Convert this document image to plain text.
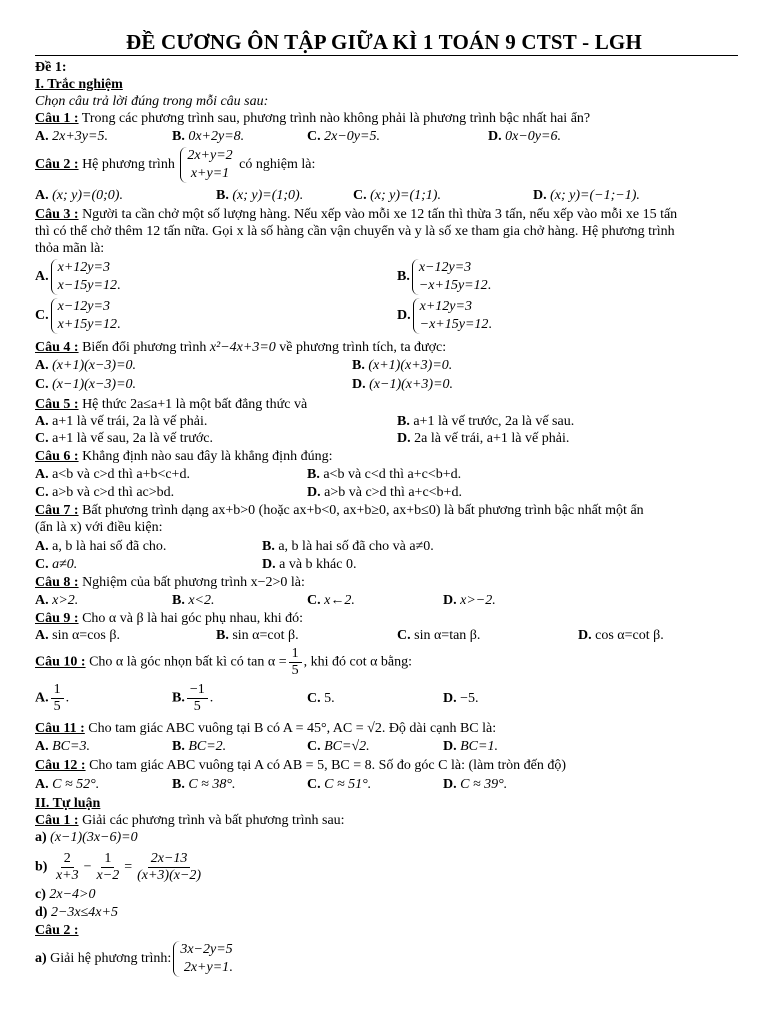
ĐỀ CƯƠNG ÔN TẬP GIỮA KÌ 1 TOÁN 9 CTST - LGH
Đề 1:
I. Trắc nghiệm
Chọn câu trả lời đúng trong mỗi câu sau:
Câu 1 : Trong các phương trình sau, phương trình nào không phải là phương trình bậc nhất hai ẩn?
A. 2x+3y=5.	B. 0x+2y=8.	C. 2x−0y=5.	D. 0x−0y=6.
Câu 2 : Hệ phương trình 2x+y=2
x+y=1 có nghiệm là:
A. (x; y)=(0;0).	B. (x; y)=(1;0).	C. (x; y)=(1;1).	D. (x; y)=(−1;−1).
Câu 3 : Người ta cần chở một số lượng hàng. Nếu xếp vào mỗi xe 12 tấn thì thừa 3 tấn, nếu xếp vào mỗi xe 15 tấn
thì có thể chở thêm 12 tấn nữa. Gọi x là số hàng cần vận chuyển và y là số xe tham gia chở hàng. Hệ phương trình
thỏa mãn là:
A.x+12y=3
x−15y=12.
B.x−12y=3
−x+15y=12.
C.x−12y=3
x+15y=12.
D.x+12y=3
−x+15y=12.
Câu 4 : Biến đổi phương trình x²−4x+3=0 về phương trình tích, ta được:
A. (x+1)(x−3)=0.	B. (x+1)(x+3)=0.
C. (x−1)(x−3)=0.	D. (x−1)(x+3)=0.
Câu 5 : Hệ thức 2a≤a+1 là một bất đẳng thức và
A. a+1 là vế trái, 2a là vế phải.	B. a+1 là vế trước, 2a là vế sau.
C. a+1 là vế sau, 2a là vế trước.	D. 2a là vế trái, a+1 là vế phải.
Câu 6 : Khẳng định nào sau đây là khẳng định đúng:
A. a<b và c>d thì a+b<c+d.	B. a<b và c<d thì a+c<b+d.
C. a>b và c>d thì ac>bd.	D. a>b và c>d thì a+c<b+d.
Câu 7 : Bất phương trình dạng ax+b>0 (hoặc ax+b<0, ax+b≥0, ax+b≤0) là bất phương trình bậc nhất một ẩn
(ẩn là x) với điều kiện:
A. a, b là hai số đã cho.	B. a, b là hai số đã cho và a≠0.
C. a≠0.	D. a và b khác 0.
Câu 8 : Nghiệm của bất phương trình x−2>0 là:
A. x>2.	B. x<2.	C. x←2.	D. x>−2.
Câu 9 : Cho α và β là hai góc phụ nhau, khi đó:
A. sin α=cos β.	B. sin α=cot β.	C. sin α=tan β.	D. cos α=cot β.
Câu 10 : Cho α là góc nhọn bất kì có $\tan \alpha = \frac{1}{5}$ , khi đó cot α bằng:
A. $\frac{1}{5}$ .	B. $\frac{-1}{5}$ .	C. 5.	D. −5.
Câu 11 : Cho tam giác ABC vuông tại B có A = 45°, AC = √2. Độ dài cạnh BC là:
A. BC=3.	B. BC=2.	C. BC=√2.	D. BC=1.
Câu 12 : Cho tam giác ABC vuông tại A có AB = 5, BC = 8. Số đo góc C là: (làm tròn đến độ)
A. C ≈ 52°.	B. C ≈ 38°.	C. C ≈ 51°.	D. C ≈ 39°.
II. Tự luận
Câu 1 : Giải các phương trình và bất phương trình sau:
a) (x−1)(3x−6)=0
$b) \frac{2}{x+3} - \frac{1}{x-2} = \frac{2x-13}{(x+3)(x-2)}$
c) 2x−4>0
d) 2−3x≤4x+5
Câu 2 :
a) Giải hệ phương trình:3x−2y=5
2x+y=1.
